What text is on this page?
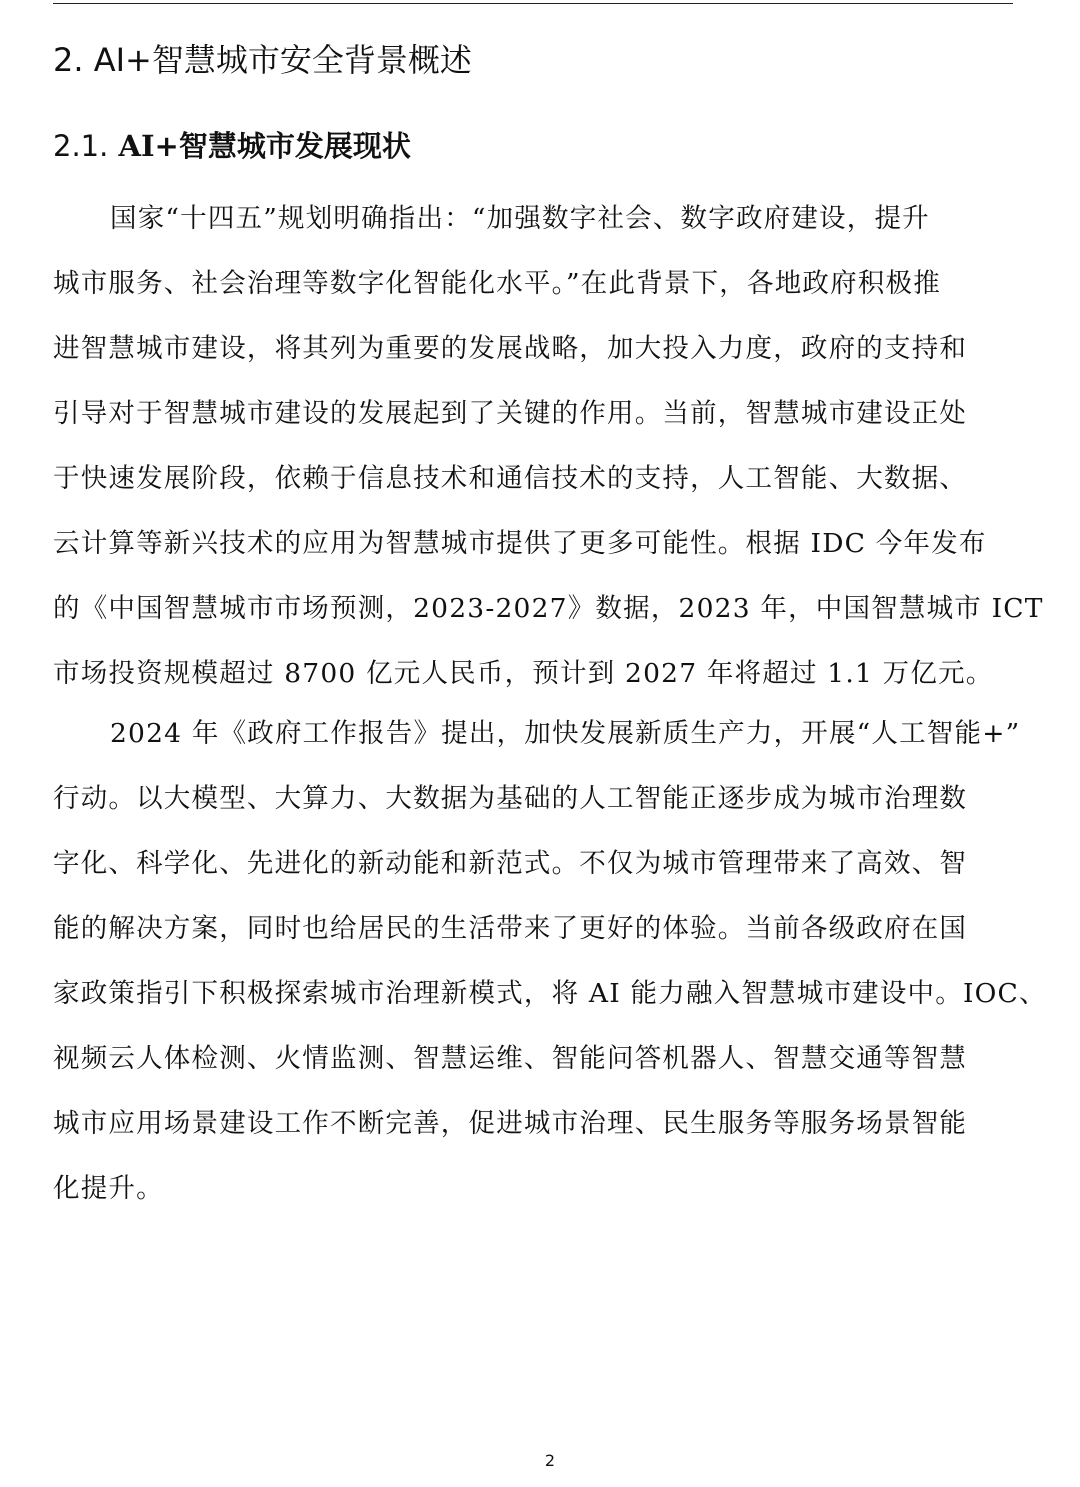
2. AI+智慧城市安全背景概述
2.1. AI+智慧城市发展现状
国家“十四五”规划明确指出：“加强数字社会、数字政府建设，提升
城市服务、社会治理等数字化智能化水平。”在此背景下，各地政府积极推
进智慧城市建设，将其列为重要的发展战略，加大投入力度，政府的支持和
引导对于智慧城市建设的发展起到了关键的作用。当前，智慧城市建设正处
于快速发展阶段，依赖于信息技术和通信技术的支持，人工智能、大数据、
云计算等新兴技术的应用为智慧城市提供了更多可能性。根据 IDC 今年发布
的《中国智慧城市市场预测，2023-2027》数据，2023 年，中国智慧城市 ICT
市场投资规模超过 8700 亿元人民币，预计到 2027 年将超过 1.1 万亿元。
2024 年《政府工作报告》提出，加快发展新质生产力，开展“人工智能+”
行动。以大模型、大算力、大数据为基础的人工智能正逐步成为城市治理数
字化、科学化、先进化的新动能和新范式。不仅为城市管理带来了高效、智
能的解决方案，同时也给居民的生活带来了更好的体验。当前各级政府在国
家政策指引下积极探索城市治理新模式，将 AI 能力融入智慧城市建设中。IOC、
视频云人体检测、火情监测、智慧运维、智能问答机器人、智慧交通等智慧
城市应用场景建设工作不断完善，促进城市治理、民生服务等服务场景智能
化提升。
2
